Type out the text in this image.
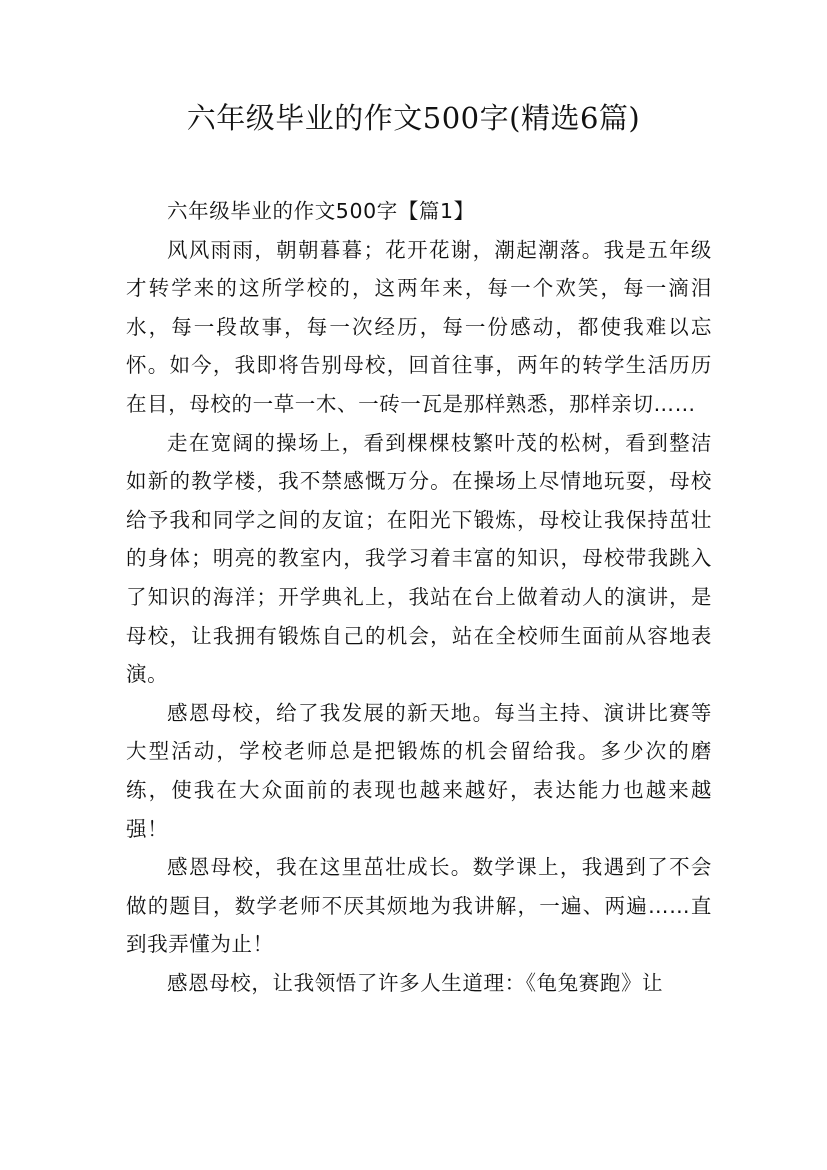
六年级毕业的作文500字(精选6篇)

六年级毕业的作文500字【篇1】

风风雨雨，朝朝暮暮；花开花谢，潮起潮落。我是五年级才转学来的这所学校的，这两年来，每一个欢笑，每一滴泪水，每一段故事，每一次经历，每一份感动，都使我难以忘怀。如今，我即将告别母校，回首往事，两年的转学生活历历在目，母校的一草一木、一砖一瓦是那样熟悉，那样亲切……

走在宽阔的操场上，看到棵棵枝繁叶茂的松树，看到整洁如新的教学楼，我不禁感慨万分。在操场上尽情地玩耍，母校给予我和同学之间的友谊；在阳光下锻炼，母校让我保持茁壮的身体；明亮的教室内，我学习着丰富的知识，母校带我跳入了知识的海洋；开学典礼上，我站在台上做着动人的演讲，是母校，让我拥有锻炼自己的机会，站在全校师生面前从容地表演。

感恩母校，给了我发展的新天地。每当主持、演讲比赛等大型活动，学校老师总是把锻炼的机会留给我。多少次的磨练，使我在大众面前的表现也越来越好，表达能力也越来越强！

感恩母校，我在这里茁壮成长。数学课上，我遇到了不会做的题目，数学老师不厌其烦地为我讲解，一遍、两遍……直到我弄懂为止！

感恩母校，让我领悟了许多人生道理：《龟兔赛跑》让
